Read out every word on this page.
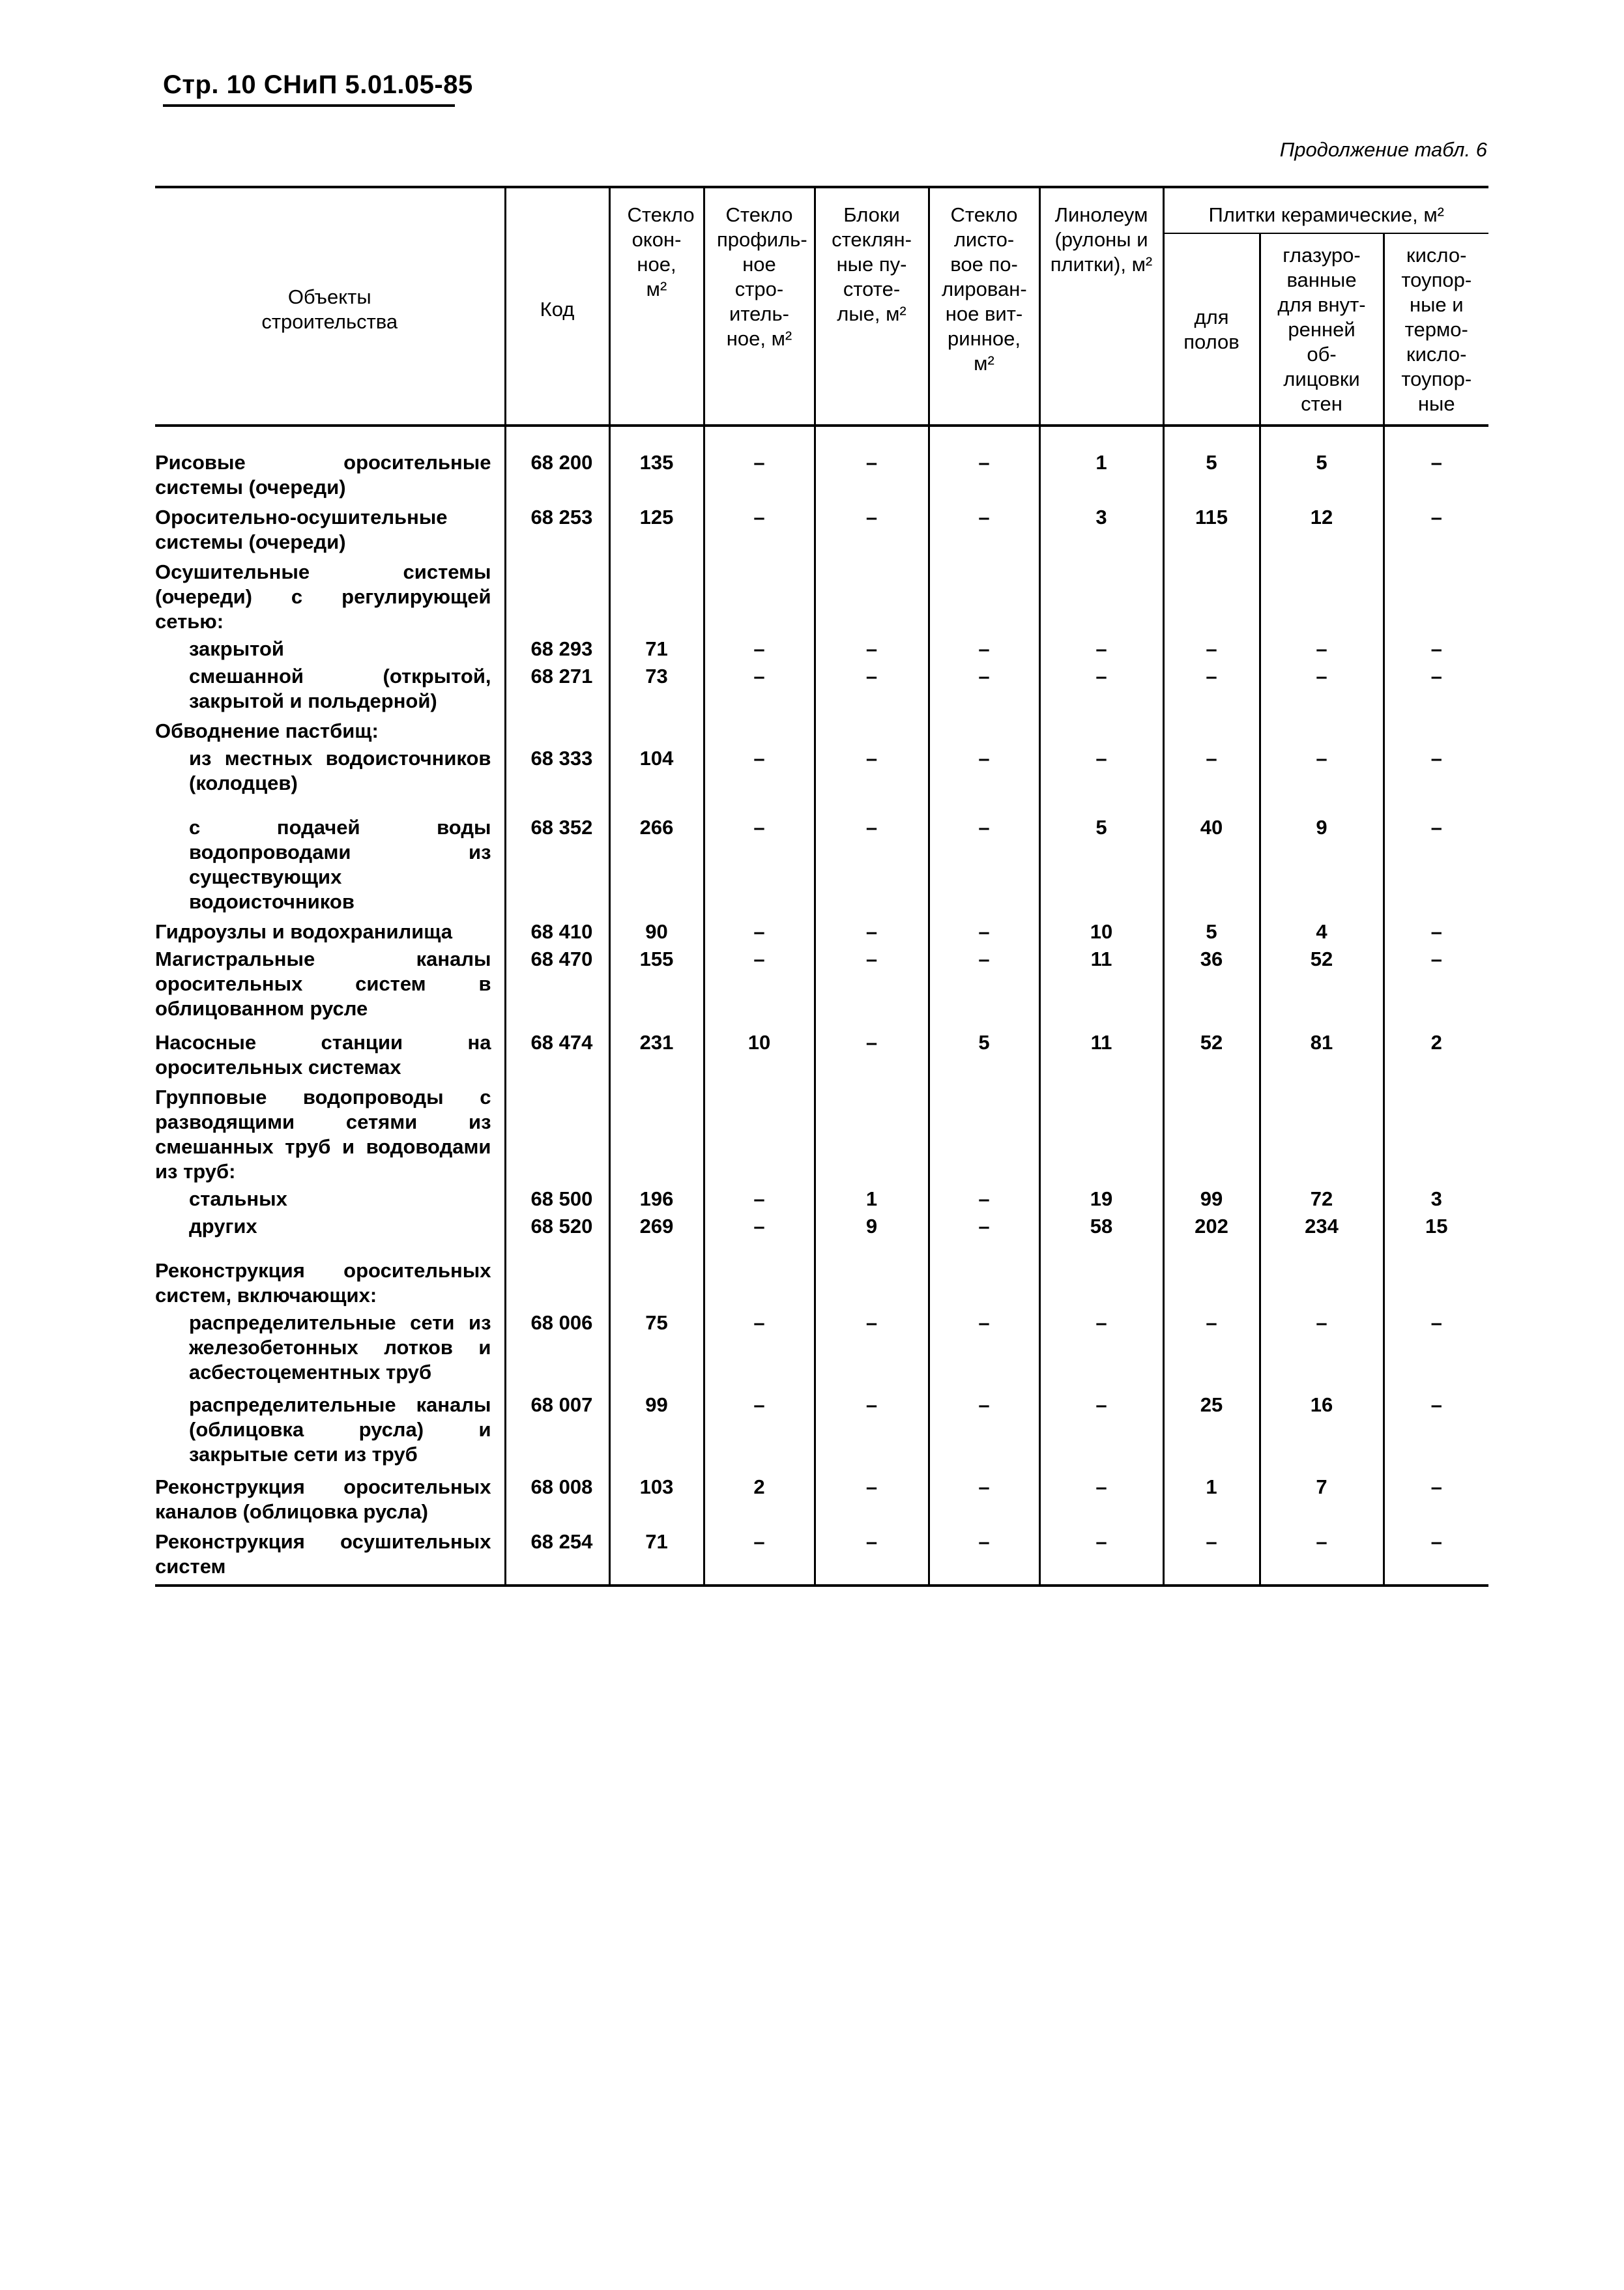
Стр. 10 СНиП 5.01.05-85
Продолжение табл. 6
Объекты строительства	Код	Стекло окон-ное, м²	Стекло профиль-ное стро-итель-ное, м²	Блоки стеклян-ные пу-стоте-лые, м²	Стекло листо-вое по-лирован-ное вит-ринное, м²	Линолеум (рулоны и плитки), м²	Плитки керамические, м²		

							для полов	глазуро-ванные для внут-ренней об-лицовки стен	кисло-тоупор-ные и термо-кисло-тоупор-ные

Рисовые оросительные системы (очереди)	68 200	135	–	–	–	1	5	5	–
Оросительно-осушительные системы (очереди)	68 253	125	–	–	–	3	115	12	–
Осушительные системы (очереди) с регулирующей сетью:									
закрытой	68 293	71	–	–	–	–	–	–	–
смешанной (открытой, закрытой и польдерной)	68 271	73	–	–	–	–	–	–	–
Обводнение пастбищ:									
из местных водоисточников (колодцев)	68 333	104	–	–	–	–	–	–	–
с подачей воды водопроводами из существующих водоисточников	68 352	266	–	–	–	5	40	9	–
Гидроузлы и водохранилища	68 410	90	–	–	–	10	5	4	–
Магистральные каналы оросительных систем в облицованном русле	68 470	155	–	–	–	11	36	52	–
Насосные станции на оросительных системах	68 474	231	10	–	5	11	52	81	2
Групповые водопроводы с разводящими сетями из смешанных труб и водоводами из труб:									
стальных	68 500	196	–	1	–	19	99	72	3
других	68 520	269	–	9	–	58	202	234	15
Реконструкция оросительных систем, включающих:									
распределительные сети из железобетонных лотков и асбестоцементных труб	68 006	75	–	–	–	–	–	–	–
распределительные каналы (облицовка русла) и закрытые сети из труб	68 007	99	–	–	–	–	25	16	–
Реконструкция оросительных каналов (облицовка русла)	68 008	103	2	–	–	–	1	7	–
Реконструкция осушительных систем	68 254	71	–	–	–	–	–	–	–
